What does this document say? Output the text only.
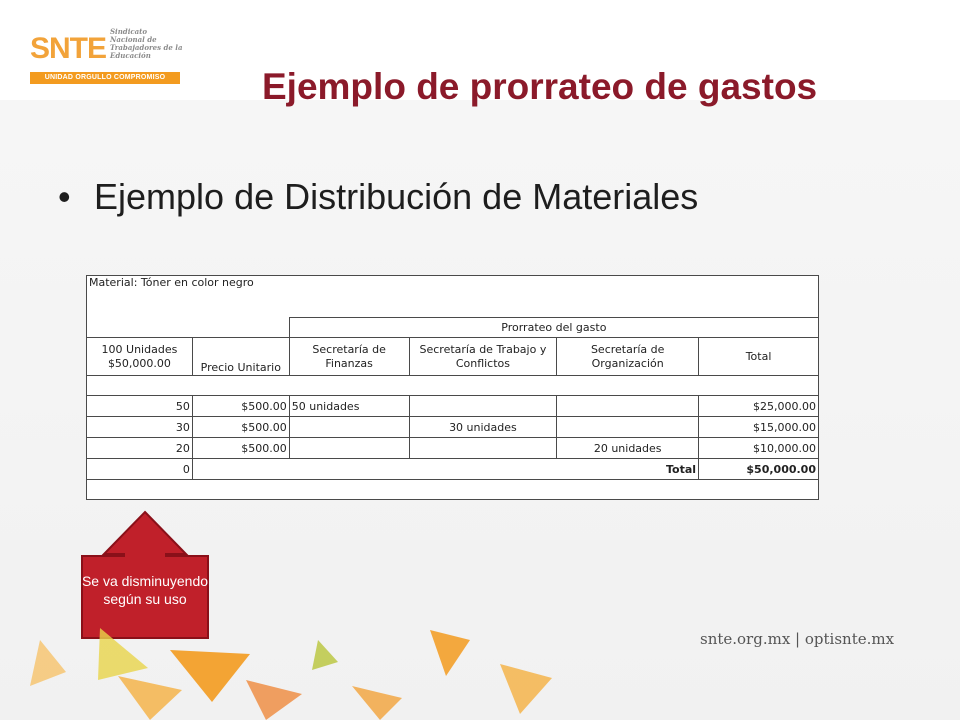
SNTE
Sindicato
Nacional de
Trabajadores de la
Educación
UNIDAD ORGULLO COMPROMISO	Ejemplo de prorrateo de gastos
• Ejemplo de Distribución de Materiales
Material: Tóner en color negro					
		Prorrateo del gasto			

100 Unidades
$50,000.00	Precio Unitario	Secretaría de Finanzas	Secretaría de Trabajo y Conflictos	Secretaría de Organización	Total

50	$500.00	50 unidades			$25,000.00
30	$500.00		30 unidades		$15,000.00
20	$500.00			20 unidades	$10,000.00
0	Total				$50,000.00

Se va disminuyendo según su uso
snte.org.mx | optisnte.mx
